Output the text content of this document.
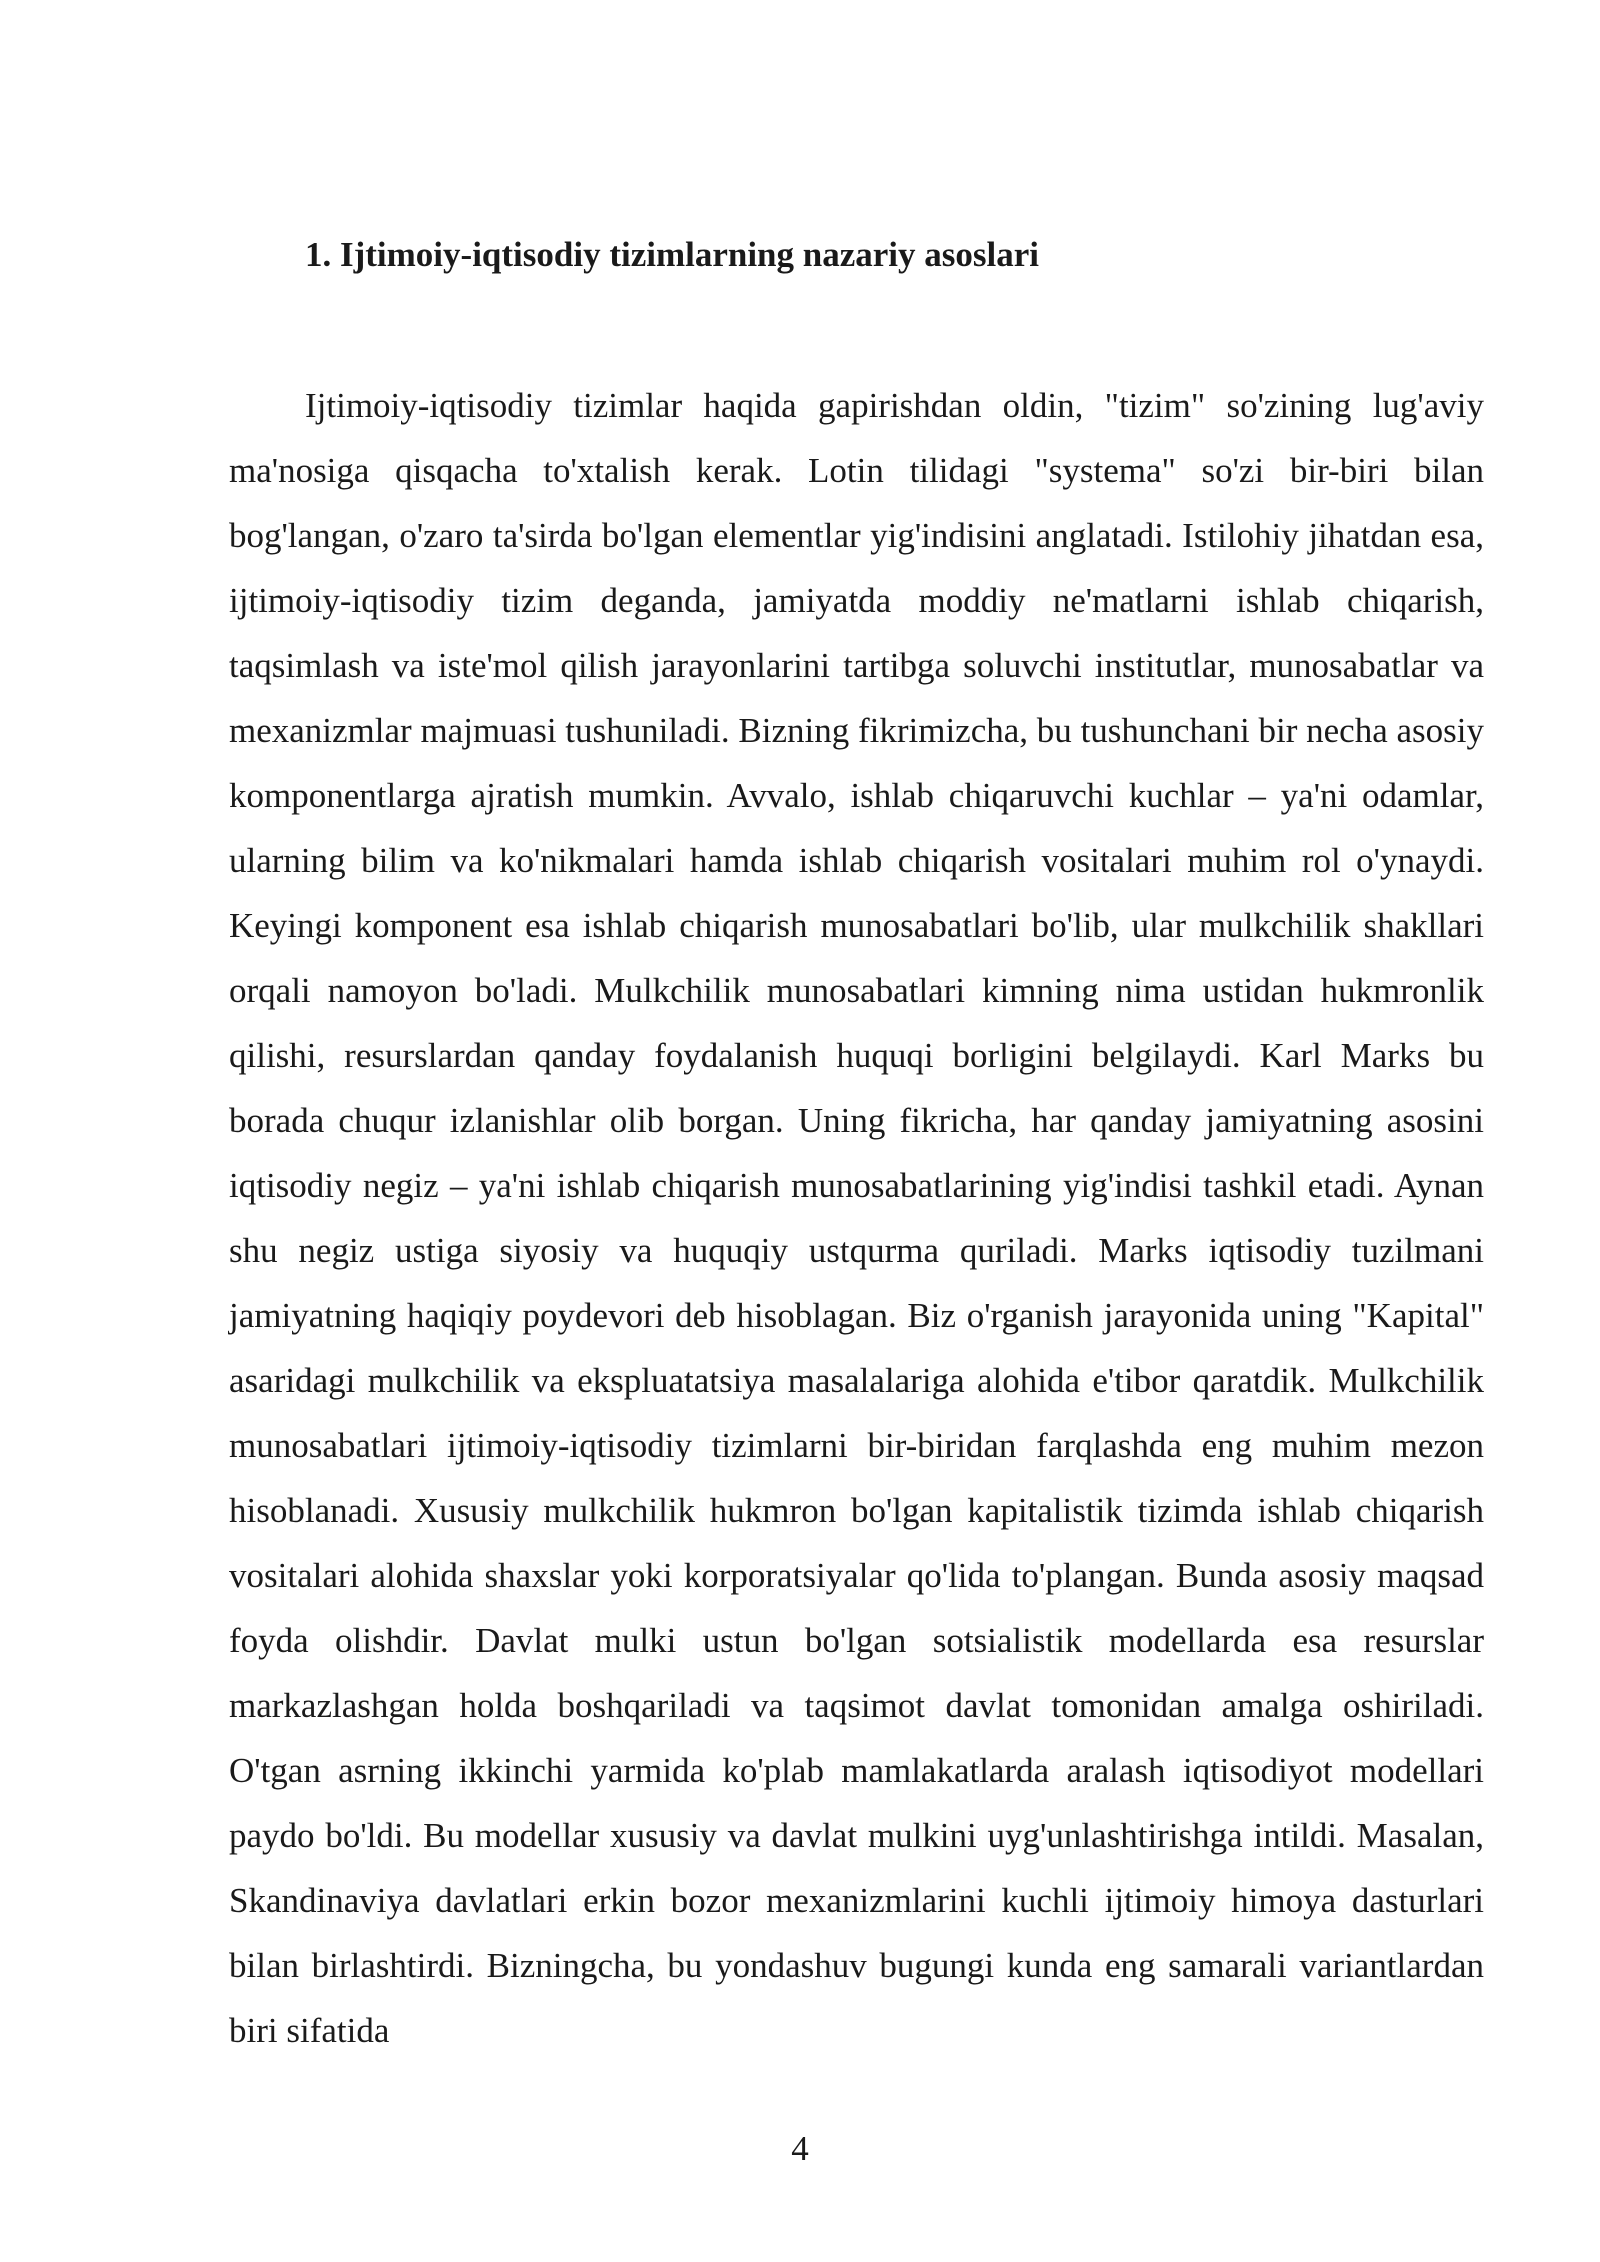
1. Ijtimoiy-iqtisodiy tizimlarning nazariy asoslari

Ijtimoiy-iqtisodiy tizimlar haqida gapirishdan oldin, "tizim" so'zining lug'aviy ma'nosiga qisqacha to'xtalish kerak. Lotin tilidagi "systema" so'zi bir-biri bilan bog'langan, o'zaro ta'sirda bo'lgan elementlar yig'indisini anglatadi. Istilohiy jihatdan esa, ijtimoiy-iqtisodiy tizim deganda, jamiyatda moddiy ne'matlarni ishlab chiqarish, taqsimlash va iste'mol qilish jarayonlarini tartibga soluvchi institutlar, munosabatlar va mexanizmlar majmuasi tushuniladi. Bizning fikrimizcha, bu tushunchani bir necha asosiy komponentlarga ajratish mumkin. Avvalo, ishlab chiqaruvchi kuchlar – ya'ni odamlar, ularning bilim va ko'nikmalari hamda ishlab chiqarish vositalari muhim rol o'ynaydi. Keyingi komponent esa ishlab chiqarish munosabatlari bo'lib, ular mulkchilik shakllari orqali namoyon bo'ladi. Mulkchilik munosabatlari kimning nima ustidan hukmronlik qilishi, resurslardan qanday foydalanish huquqi borligini belgilaydi. Karl Marks bu borada chuqur izlanishlar olib borgan. Uning fikricha, har qanday jamiyatning asosini iqtisodiy negiz – ya'ni ishlab chiqarish munosabatlarining yig'indisi tashkil etadi. Aynan shu negiz ustiga siyosiy va huquqiy ustqurma quriladi. Marks iqtisodiy tuzilmani jamiyatning haqiqiy poydevori deb hisoblagan. Biz o'rganish jarayonida uning "Kapital" asaridagi mulkchilik va ekspluatatsiya masalalariga alohida e'tibor qaratdik. Mulkchilik munosabatlari ijtimoiy-iqtisodiy tizimlarni bir-biridan farqlashda eng muhim mezon hisoblanadi. Xususiy mulkchilik hukmron bo'lgan kapitalistik tizimda ishlab chiqarish vositalari alohida shaxslar yoki korporatsiyalar qo'lida to'plangan. Bunda asosiy maqsad foyda olishdir. Davlat mulki ustun bo'lgan sotsialistik modellarda esa resurslar markazlashgan holda boshqariladi va taqsimot davlat tomonidan amalga oshiriladi. O'tgan asrning ikkinchi yarmida ko'plab mamlakatlarda aralash iqtisodiyot modellari paydo bo'ldi. Bu modellar xususiy va davlat mulkini uyg'unlashtirishga intildi. Masalan, Skandinaviya davlatlari erkin bozor mexanizmlarini kuchli ijtimoiy himoya dasturlari bilan birlashtirdi. Bizningcha, bu yondashuv bugungi kunda eng samarali variantlardan biri sifatida

4
